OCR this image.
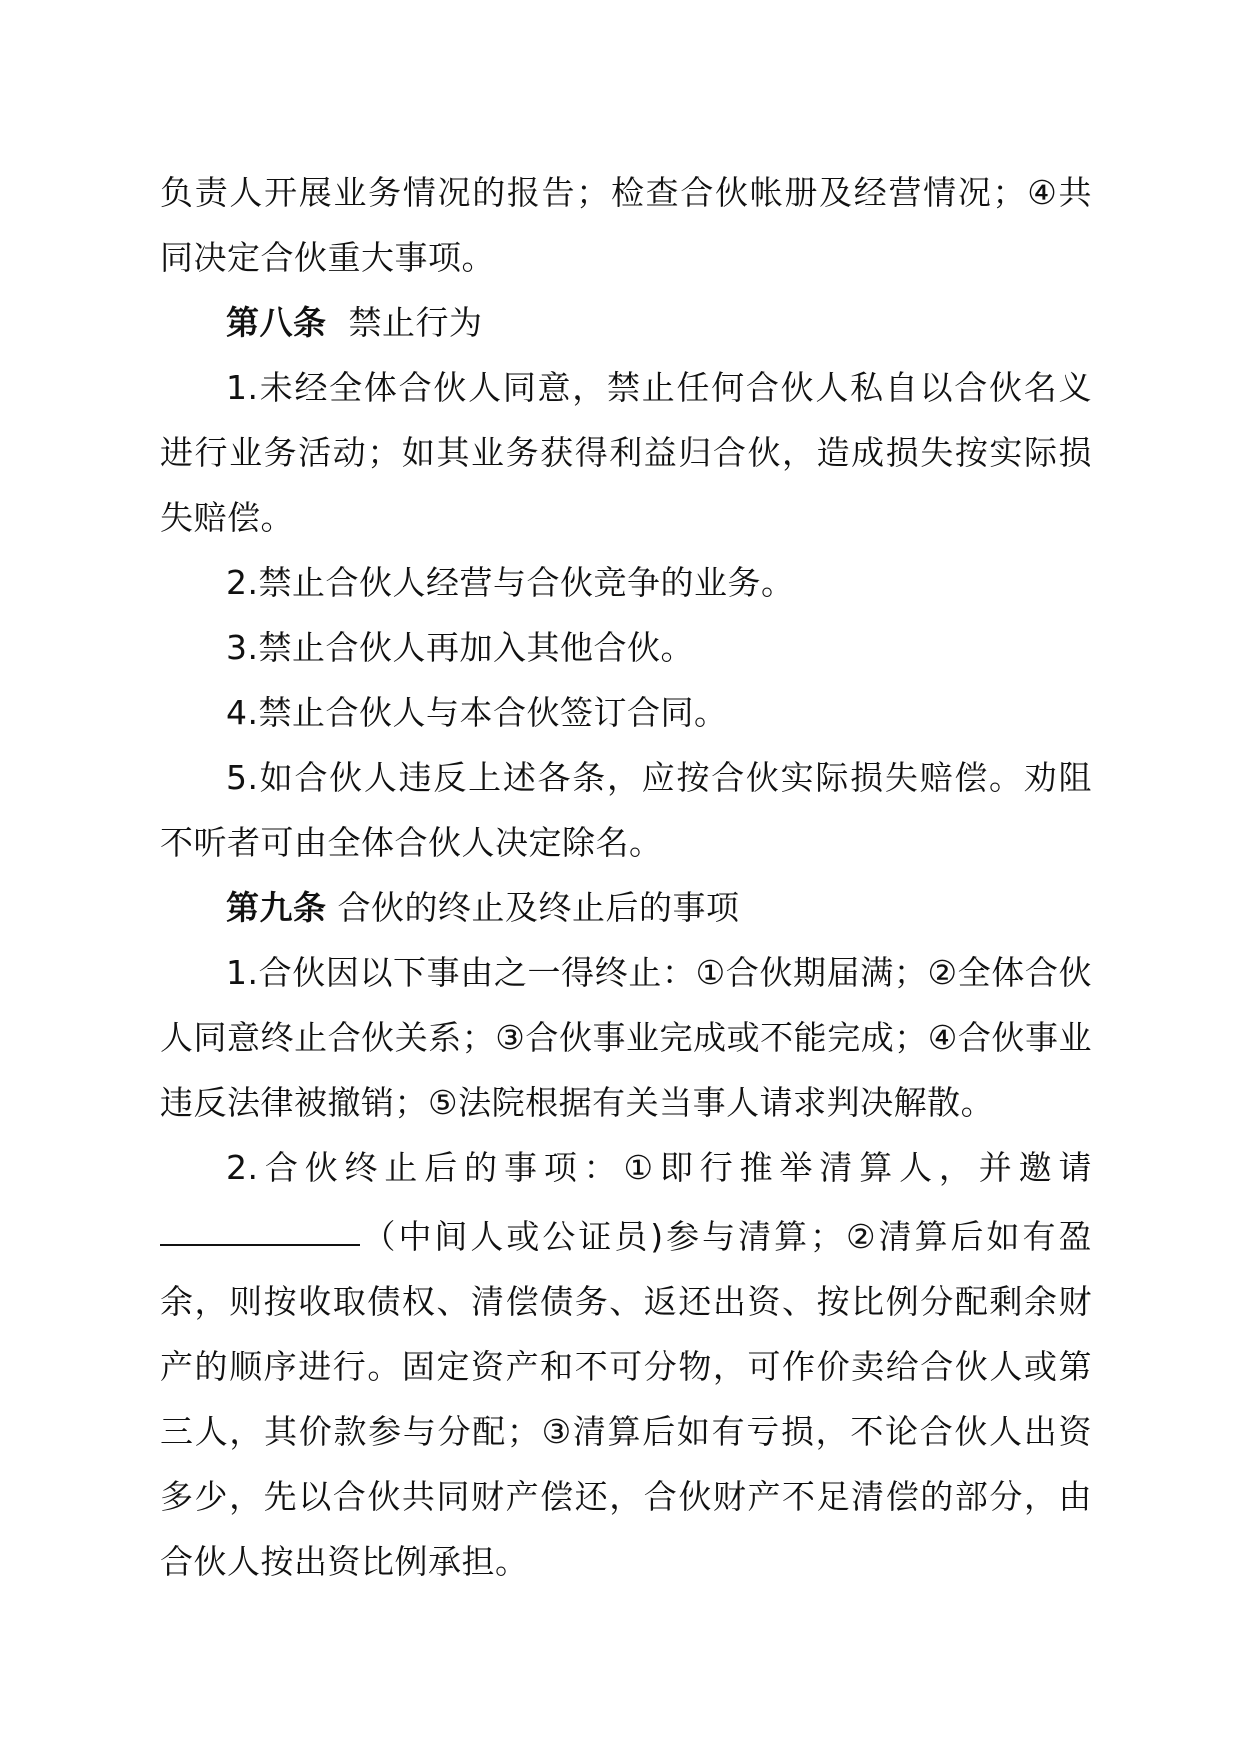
负责人开展业务情况的报告；检查合伙帐册及经营情况；④共同决定合伙重大事项。

第八条 禁止行为

1.未经全体合伙人同意，禁止任何合伙人私自以合伙名义进行业务活动；如其业务获得利益归合伙，造成损失按实际损失赔偿。

2.禁止合伙人经营与合伙竞争的业务。

3.禁止合伙人再加入其他合伙。

4.禁止合伙人与本合伙签订合同。

5.如合伙人违反上述各条，应按合伙实际损失赔偿。劝阻不听者可由全体合伙人决定除名。

第九条 合伙的终止及终止后的事项

1.合伙因以下事由之一得终止：①合伙期届满；②全体合伙人同意终止合伙关系；③合伙事业完成或不能完成；④合伙事业违反法律被撤销；⑤法院根据有关当事人请求判决解散。

2.合伙终止后的事项：①即行推举清算人，并邀请（中间人或公证员)参与清算；②清算后如有盈余，则按收取债权、清偿债务、返还出资、按比例分配剩余财产的顺序进行。固定资产和不可分物，可作价卖给合伙人或第三人，其价款参与分配；③清算后如有亏损，不论合伙人出资多少，先以合伙共同财产偿还，合伙财产不足清偿的部分，由合伙人按出资比例承担。
